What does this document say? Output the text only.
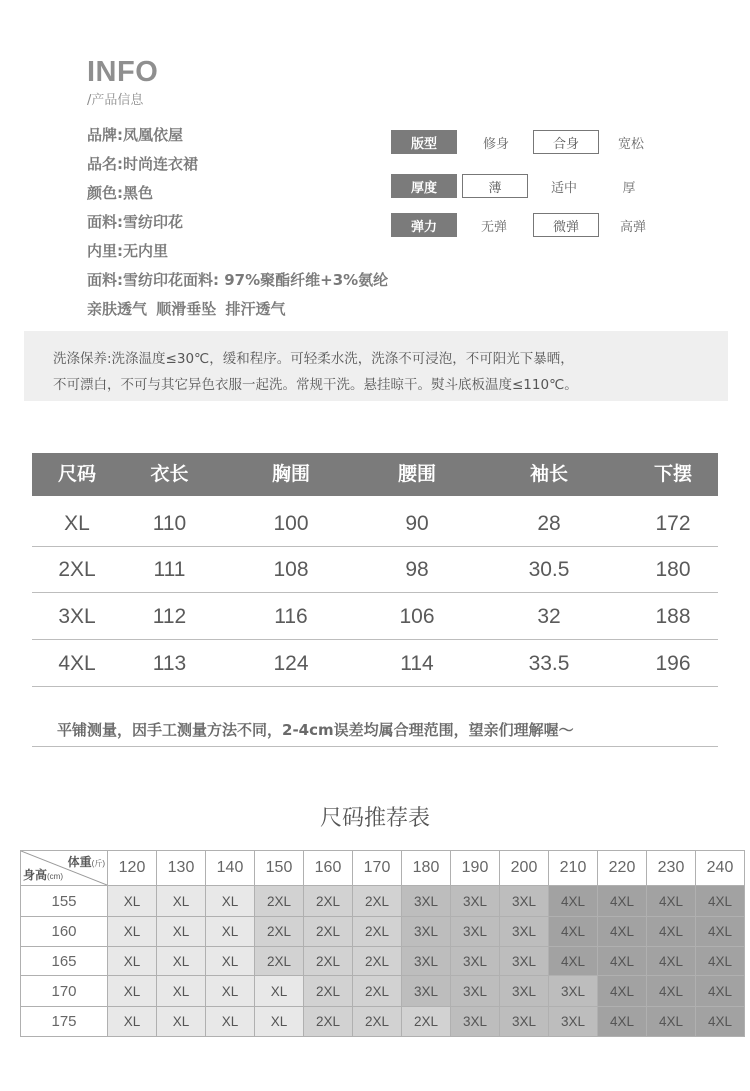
INFO
/产品信息
品牌:凤凰依屋
品名:时尚连衣裙
颜色:黑色
面料:雪纺印花
内里:无内里
面料:雪纺印花面料: 97%聚酯纤维+3%氨纶
亲肤透气 顺滑垂坠 排汗透气
版型	修身	合身	宽松
厚度	薄	适中	厚
弹力	无弹	微弹	高弹
洗涤保养:洗涤温度≤30℃，缓和程序。可轻柔水洗，洗涤不可浸泡，不可阳光下暴晒，
不可漂白，不可与其它异色衣服一起洗。常规干洗。悬挂晾干。熨斗底板温度≤110℃。
尺码	衣长	胸围	腰围	袖长	下摆
XL	110	100	90	28	172
2XL	111	108	98	30.5	180
3XL	112	116	106	32	188
4XL	113	124	114	33.5	196
平铺测量，因手工测量方法不同，2-4cm误差均属合理范围，望亲们理解喔～
尺码推荐表
体重(斤)
身高(cm)	120	130	140	150	160	170	180	190	200	210	220	230	240
155	XL	XL	XL	2XL	2XL	2XL	3XL	3XL	3XL	4XL	4XL	4XL	4XL
160	XL	XL	XL	2XL	2XL	2XL	3XL	3XL	3XL	4XL	4XL	4XL	4XL
165	XL	XL	XL	2XL	2XL	2XL	3XL	3XL	3XL	4XL	4XL	4XL	4XL
170	XL	XL	XL	XL	2XL	2XL	3XL	3XL	3XL	3XL	4XL	4XL	4XL
175	XL	XL	XL	XL	2XL	2XL	2XL	3XL	3XL	3XL	4XL	4XL	4XL
